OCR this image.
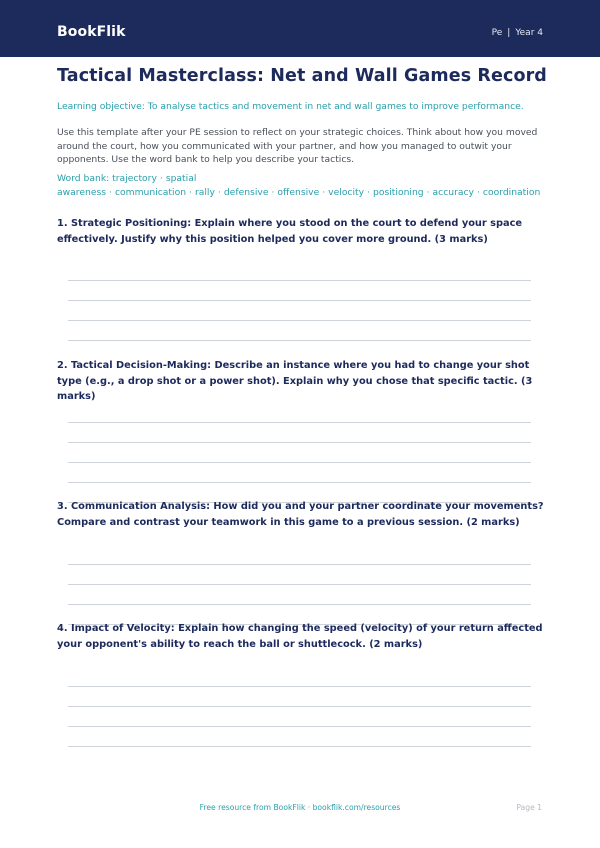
BookFlik	Pe | Year 4
Tactical Masterclass: Net and Wall Games Record
Learning objective: To analyse tactics and movement in net and wall games to improve performance.
Use this template after your PE session to reflect on your strategic choices. Think about how you moved around the court, how you communicated with your partner, and how you managed to outwit your opponents. Use the word bank to help you describe your tactics.
Word bank: trajectory · spatial awareness · communication · rally · defensive · offensive · velocity · positioning · accuracy · coordination
1. Strategic Positioning: Explain where you stood on the court to defend your space effectively. Justify why this position helped you cover more ground. (3 marks)
2. Tactical Decision-Making: Describe an instance where you had to change your shot type (e.g., a drop shot or a power shot). Explain why you chose that specific tactic. (3 marks)
3. Communication Analysis: How did you and your partner coordinate your movements? Compare and contrast your teamwork in this game to a previous session. (2 marks)
4. Impact of Velocity: Explain how changing the speed (velocity) of your return affected your opponent's ability to reach the ball or shuttlecock. (2 marks)
Free resource from BookFlik · bookflik.com/resources	Page 1
